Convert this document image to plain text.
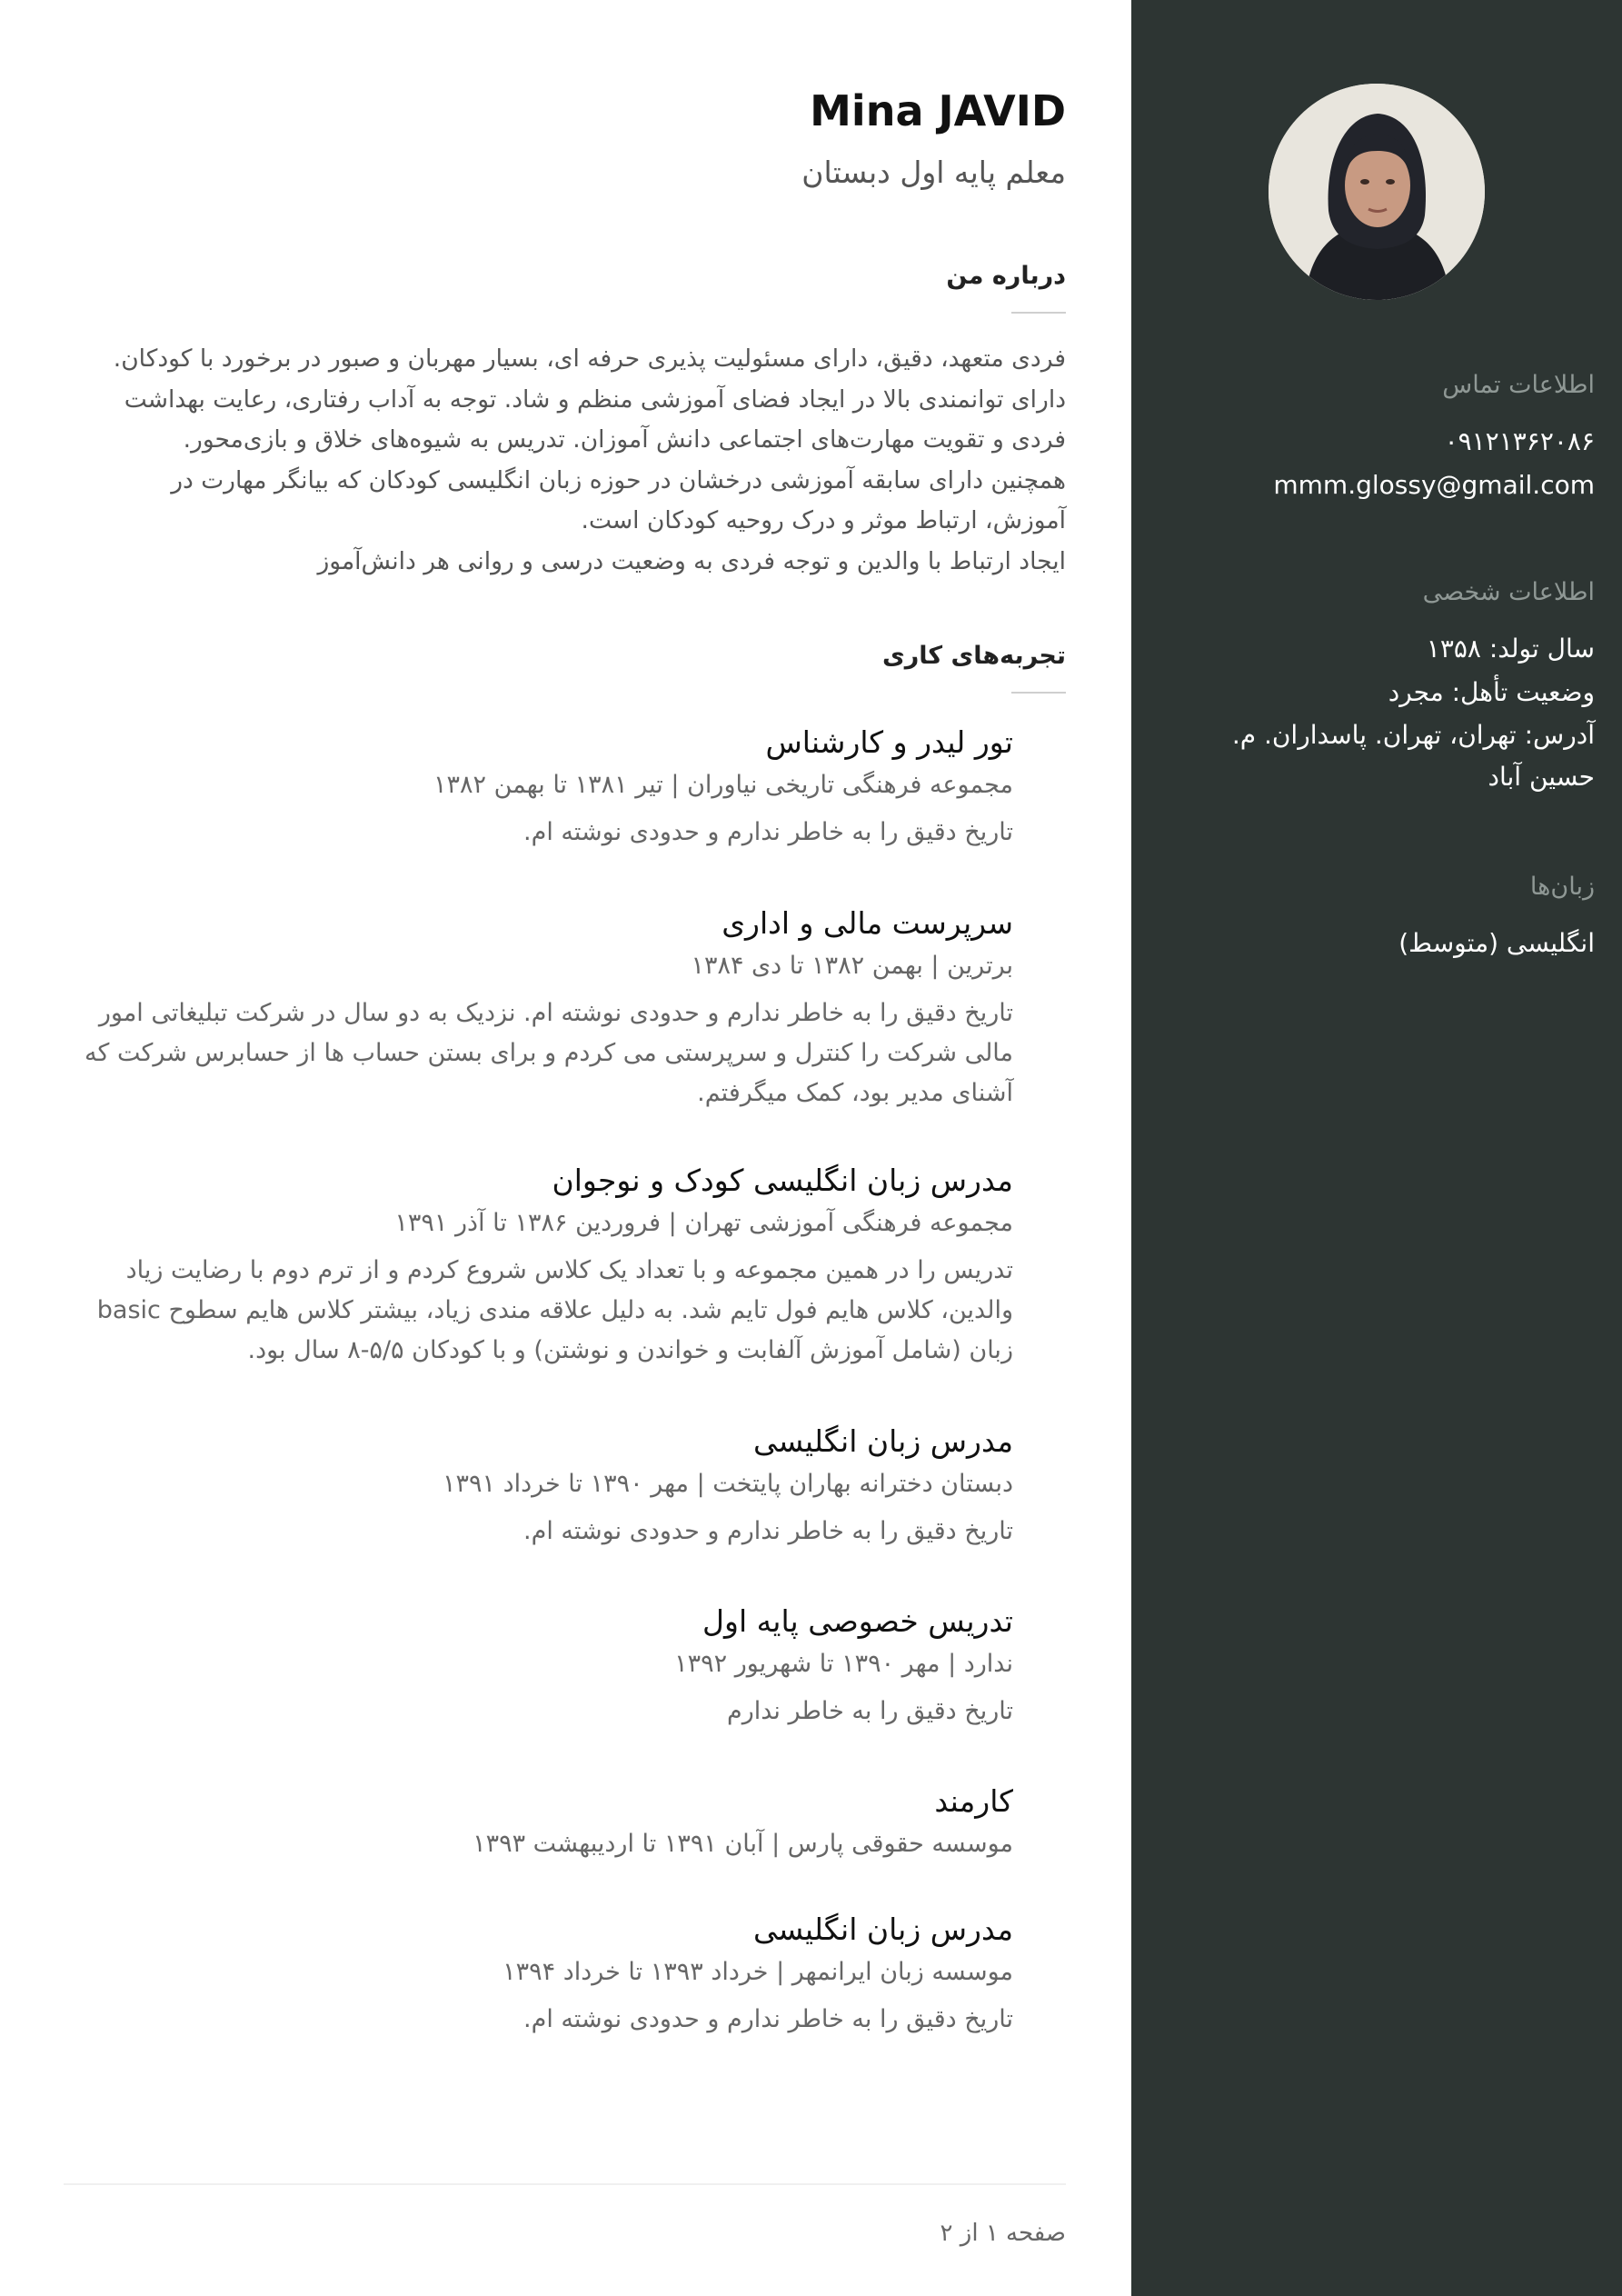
اطلاعات تماس

۰۹۱۲۱۳۶۲۰۸۶

mmm.glossy@gmail.com

اطلاعات شخصی

سال تولد: ۱۳۵۸

وضعیت تأهل: مجرد

آدرس: تهران، تهران. پاسداران. م. حسین آباد

زبان‌ها

انگلیسی (متوسط)

Mina JAVID
معلم پایه اول دبستان
درباره من

فردی متعهد، دقیق، دارای مسئولیت پذیری حرفه ای، بسیار مهربان و صبور در برخورد با کودکان.

دارای توانمندی بالا در ایجاد فضای آموزشی منظم و شاد. توجه به آداب رفتاری، رعایت بهداشت

فردی و تقویت مهارت‌های اجتماعی دانش آموزان. تدریس به شیوه‌های خلاق و بازی‌محور.

همچنین دارای سابقه آموزشی درخشان در حوزه زبان انگلیسی کودکان که بیانگر مهارت در

آموزش، ارتباط موثر و درک روحیه کودکان است.

ایجاد ارتباط با والدین و توجه فردی به وضعیت درسی و روانی هر دانش‌آموز

تجربه‌های کاری

تور لیدر و کارشناس

مجموعه فرهنگی تاریخی نیاوران | تیر ۱۳۸۱ تا بهمن ۱۳۸۲

تاریخ دقیق را به خاطر ندارم و حدودی نوشته ام.

سرپرست مالی و اداری

برترین | بهمن ۱۳۸۲ تا دی ۱۳۸۴

تاریخ دقیق را به خاطر ندارم و حدودی نوشته ام. نزدیک به دو سال در شرکت تبلیغاتی امور مالی شرکت را کنترل و سرپرستی می کردم و برای بستن حساب ها از حسابرس شرکت که آشنای مدیر بود، کمک میگرفتم.

مدرس زبان انگلیسی کودک و نوجوان

مجموعه فرهنگی آموزشی تهران | فروردین ۱۳۸۶ تا آذر ۱۳۹۱

تدریس را در همین مجموعه و با تعداد یک کلاس شروع کردم و از ترم دوم با رضایت زیاد والدین، کلاس هایم فول تایم شد. به دلیل علاقه مندی زیاد، بیشتر کلاس هایم سطوح basic زبان (شامل آموزش آلفابت و خواندن و نوشتن) و با کودکان ۵/۵-۸ سال بود.

مدرس زبان انگلیسی

دبستان دخترانه بهاران پایتخت | مهر ۱۳۹۰ تا خرداد ۱۳۹۱

تاریخ دقیق را به خاطر ندارم و حدودی نوشته ام.

تدریس خصوصی پایه اول

ندارد | مهر ۱۳۹۰ تا شهریور ۱۳۹۲

تاریخ دقیق را به خاطر ندارم

کارمند

موسسه حقوقی پارس | آبان ۱۳۹۱ تا اردیبهشت ۱۳۹۳

مدرس زبان انگلیسی

موسسه زبان ایرانمهر | خرداد ۱۳۹۳ تا خرداد ۱۳۹۴

تاریخ دقیق را به خاطر ندارم و حدودی نوشته ام.

صفحه ۱ از ۲
